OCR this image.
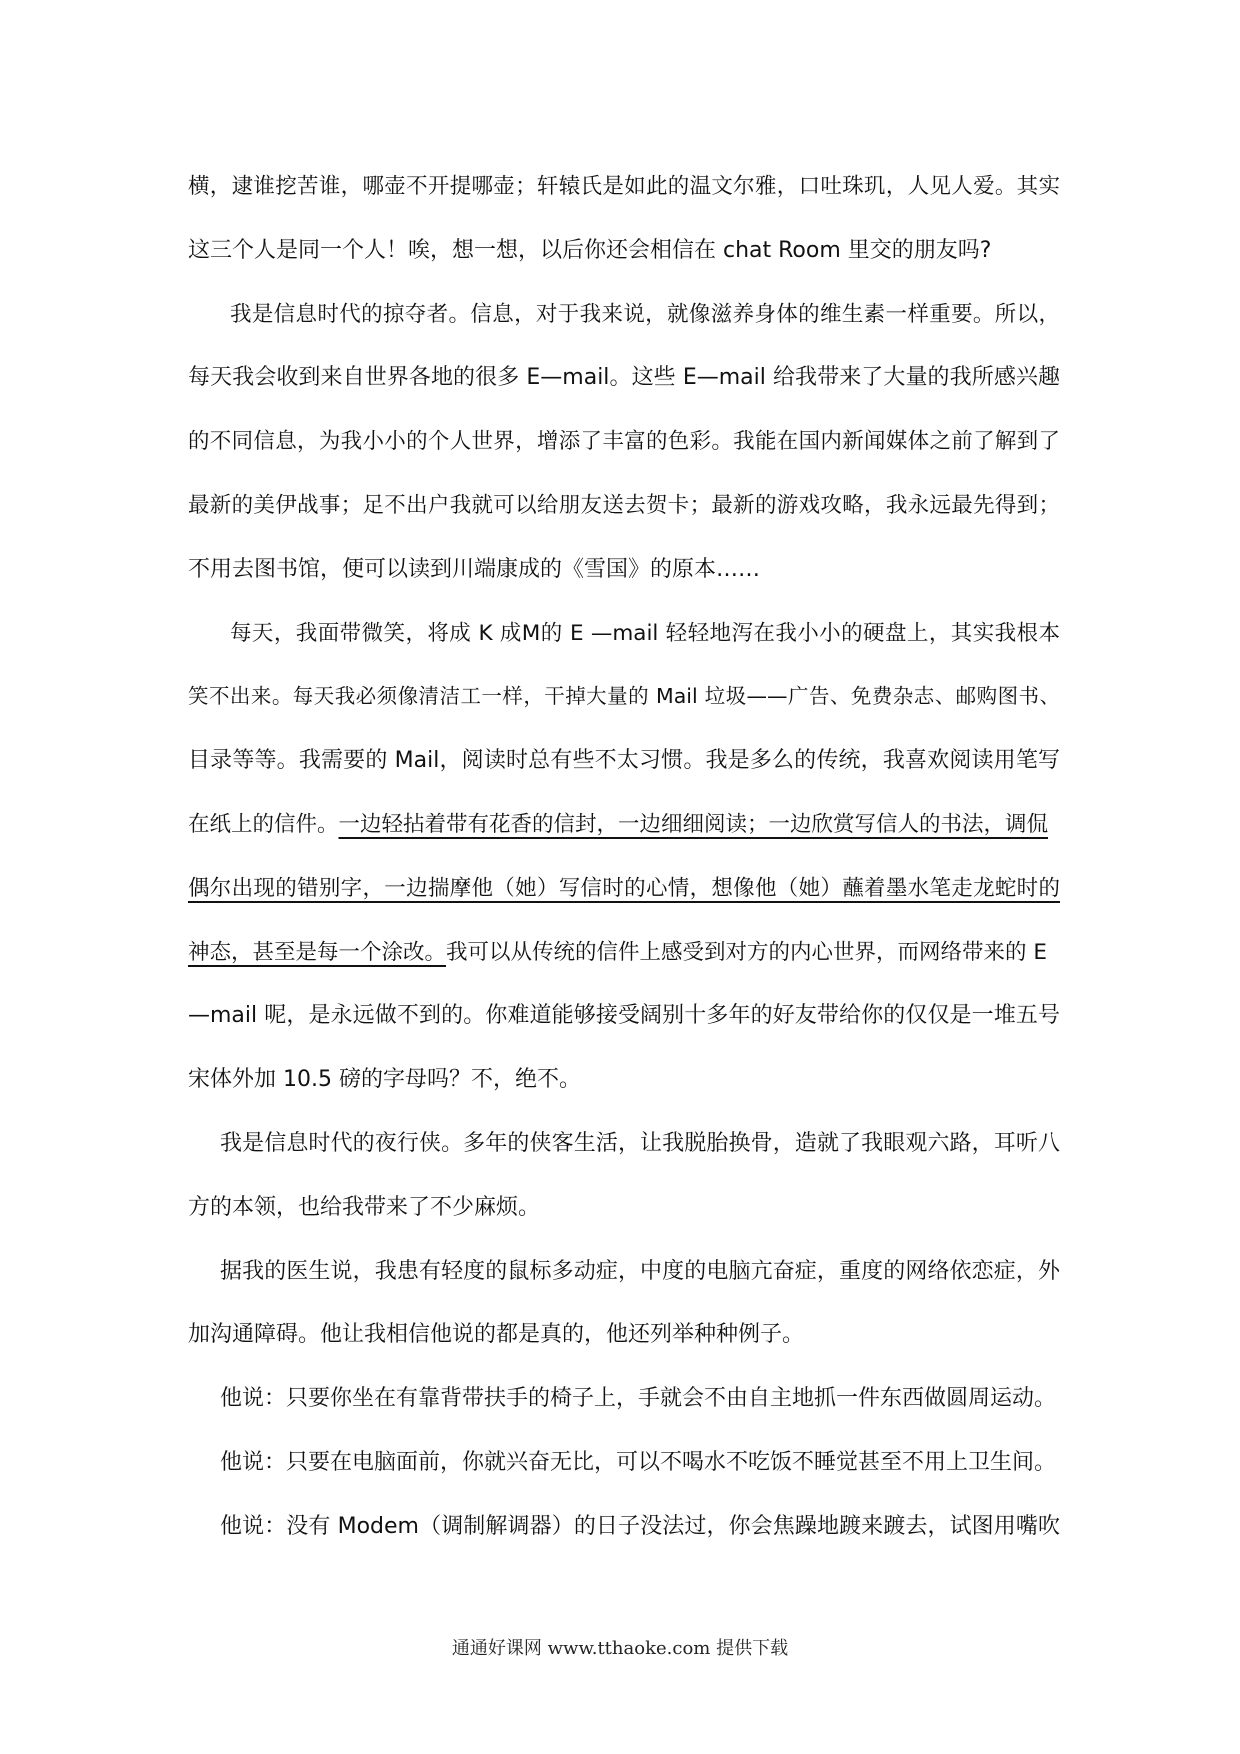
横，逮谁挖苦谁，哪壶不开提哪壶；轩辕氏是如此的温文尔雅，口吐珠玑，人见人爱。其实
这三个人是同一个人！唉，想一想，以后你还会相信在 chat Room 里交的朋友吗?
我是信息时代的掠夺者。信息，对于我来说，就像滋养身体的维生素一样重要。所以，
每天我会收到来自世界各地的很多 E—mail。这些 E—mail 给我带来了大量的我所感兴趣
的不同信息，为我小小的个人世界，增添了丰富的色彩。我能在国内新闻媒体之前了解到了
最新的美伊战事；足不出户我就可以给朋友送去贺卡；最新的游戏攻略，我永远最先得到；
不用去图书馆，便可以读到川端康成的《雪国》的原本……
每天，我面带微笑，将成 K 成M的 E —mail 轻轻地泻在我小小的硬盘上，其实我根本
笑不出来。每天我必须像清洁工一样，干掉大量的 Mail 垃圾——广告、免费杂志、邮购图书、
目录等等。我需要的 Mail，阅读时总有些不太习惯。我是多么的传统，我喜欢阅读用笔写
在纸上的信件。一边轻拈着带有花香的信封，一边细细阅读；一边欣赏写信人的书法，调侃
偶尔出现的错别字，一边揣摩他（她）写信时的心情，想像他（她）蘸着墨水笔走龙蛇时的
神态，甚至是每一个涂改。我可以从传统的信件上感受到对方的内心世界，而网络带来的 E
—mail 呢，是永远做不到的。你难道能够接受阔别十多年的好友带给你的仅仅是一堆五号
宋体外加 10.5 磅的字母吗？不，绝不。
我是信息时代的夜行侠。多年的侠客生活，让我脱胎换骨，造就了我眼观六路，耳听八
方的本领，也给我带来了不少麻烦。
据我的医生说，我患有轻度的鼠标多动症，中度的电脑亢奋症，重度的网络依恋症，外
加沟通障碍。他让我相信他说的都是真的，他还列举种种例子。
他说：只要你坐在有靠背带扶手的椅子上，手就会不由自主地抓一件东西做圆周运动。
他说：只要在电脑面前，你就兴奋无比，可以不喝水不吃饭不睡觉甚至不用上卫生间。
他说：没有 Modem（调制解调器）的日子没法过，你会焦躁地踱来踱去，试图用嘴吹
通通好课网 www.tthaoke.com 提供下载
